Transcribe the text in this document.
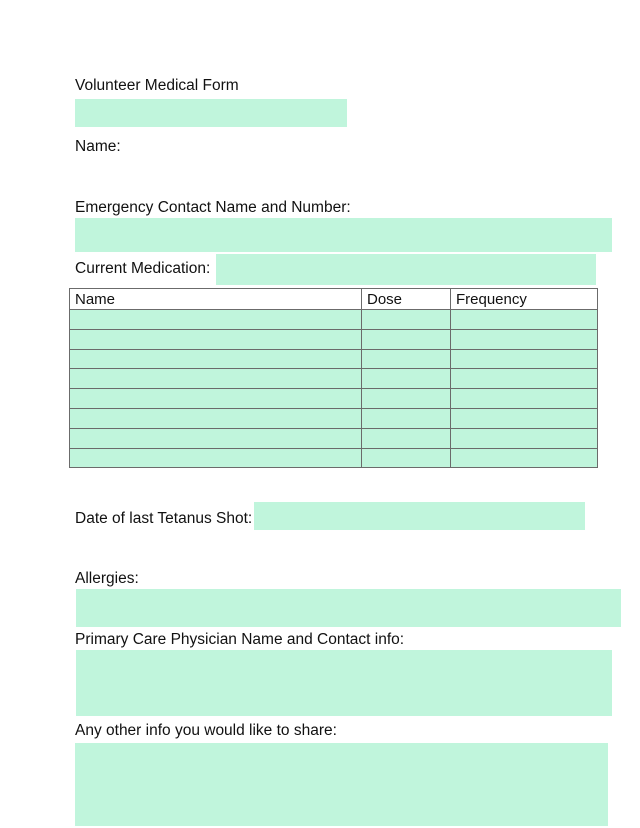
Volunteer Medical Form
Name:
Emergency Contact Name and Number:
Current Medication:
Name	Dose	Frequency

Date of last Tetanus Shot:
Allergies:
Primary Care Physician Name and Contact info:
Any other info you would like to share:
